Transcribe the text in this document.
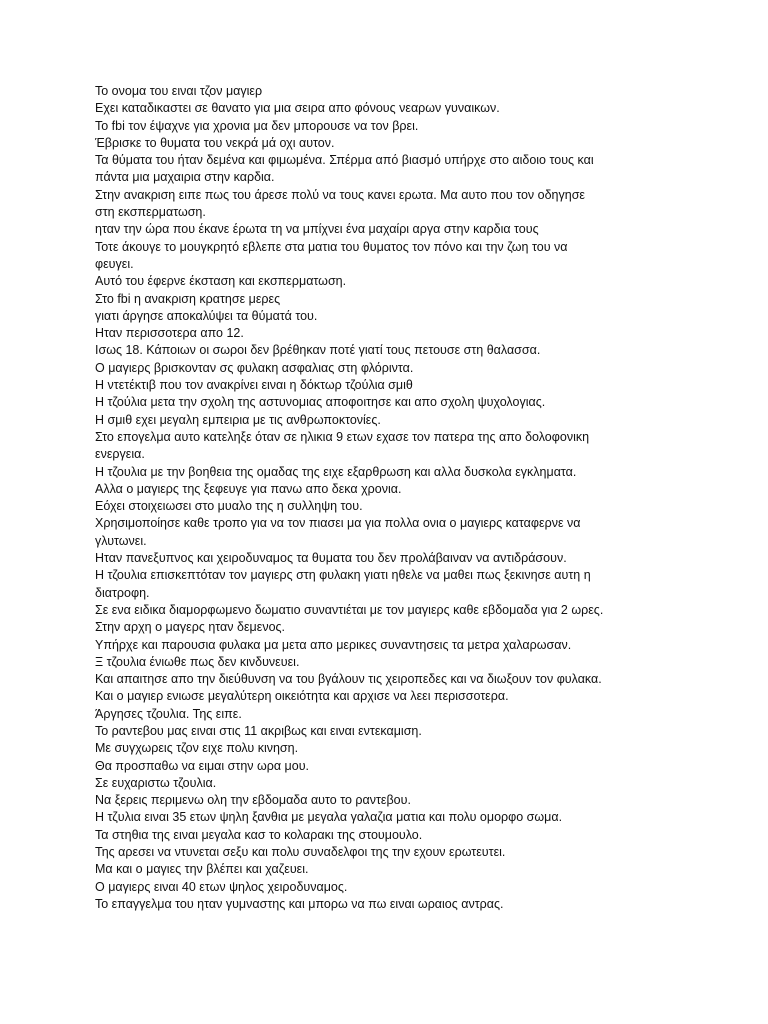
Το ονομα του ειναι τζον μαγιερ

Εχει καταδικαστει σε θανατο για μια σειρα απο φόνους νεαρων γυναικων.

Το fbi τον έψαχνε για χρονια μα δεν μπορουσε να τον βρει.

Έβρισκε το θυματα του νεκρά μά οχι αυτον.

Τα θύματα του ήταν δεμένα και φιμωμένα. Σπέρμα από βιασμό υπήρχε στο αιδοιο τους και

πάντα μια μαχαιρια στην καρδια.

Στην ανακριση ειπε πως του άρεσε πολύ να τους κανει ερωτα. Μα αυτο που τον οδηγησε

στη εκσπερματωση.

ηταν την ώρα που έκανε έρωτα τη να μπίχνει ένα μαχαίρι αργα στην καρδια τους

Τοτε άκουγε το μουγκρητό εβλεπε στα ματια του θυματος τον πόνο και την ζωη του να

φευγει.

Αυτό του έφερνε έκσταση και εκσπερματωση.

Στο fbi η ανακριση κρατησε μερες

γιατι άργησε αποκαλύψει τα θύματά του.

Ηταν περισσοτερα απο 12.

Ισως 18. Κάποιων οι σωροι δεν βρέθηκαν ποτέ γιατί τους πετουσε στη θαλασσα.

Ο μαγιερς βρισκονταν σς φυλακη ασφαλιας στη φλόριντα.

Η ντετέκτιβ που τον ανακρίνει ειναι η δόκτωρ τζούλια σμιθ

Η τζούλια μετα την σχολη της αστυνομιας αποφοιτησε και απο σχολη ψυχολογιας.

Η σμιθ εχει μεγαλη εμπειρια με τις ανθρωποκτονίες.

Στο επογελμα αυτο κατεληξε όταν σε ηλικια 9 ετων εχασε τον πατερα της απο δολοφονικη

ενεργεια.

Η τζουλια με την βοηθεια της ομαδας της ειχε εξαρθρωση και αλλα δυσκολα εγκληματα.

Αλλα ο μαγιερς της ξεφευγε για πανω απο δεκα χρονια.

Εόχει στοιχειωσει στο μυαλο της η συλληψη του.

Χρησιμοποίησε καθε τροπο για να τον πιασει μα για πολλα ονια ο μαγιερς καταφερνε να

γλυτωνει.

Ηταν πανεξυπνος και χειροδυναμος τα θυματα του δεν προλάβαιναν να αντιδράσουν.

Η τζουλια επισκεπτόταν τον μαγιερς στη φυλακη γιατι ηθελε να μαθει πως ξεκινησε αυτη η

διατροφη.

Σε ενα ειδικα διαμορφωμενο δωματιο συναντιέται με τον μαγιερς καθε εβδομαδα για 2 ωρες.

Στην αρχη ο μαγερς ηταν δεμενος.

Υπήρχε και παρουσια φυλακα μα μετα απο μερικες συναντησεις τα μετρα χαλαρωσαν.

Ξ τζουλια ένιωθε πως δεν κινδυνευει.

Και απαιτησε απο την διεύθυνση να του βγάλουν τις χειροπεδες και να διωξουν τον φυλακα.

Και ο μαγιερ ενιωσε μεγαλύτερη οικειότητα και αρχισε να λεει περισσοτερα.

Άργησες τζουλια. Της ειπε.

Το ραντεβου μας ειναι στις 11 ακριβως και ειναι εντεκαμιση.

Με συγχωρεις τζον ειχε πολυ κινηση.

Θα προσπαθω να ειμαι στην ωρα μου.

Σε ευχαριστω τζουλια.

Να ξερεις περιμενω ολη την εβδομαδα αυτο το ραντεβου.

Η τζυλια ειναι 35 ετων ψηλη ξανθια με μεγαλα γαλαζια ματια και πολυ ομορφο σωμα.

Τα στηθια της ειναι μεγαλα κασ το κολαρακι της στουμουλο.

Της αρεσει να ντυνεται σεξυ και πολυ συναδελφοι της την εχουν ερωτευτει.

Μα και ο μαγιες την βλέπει και χαζευει.

Ο μαγιερς ειναι 40 ετων ψηλος χειροδυναμος.

Το επαγγελμα του ηταν γυμναστης και μπορω να πω ειναι ωραιος αντρας.
